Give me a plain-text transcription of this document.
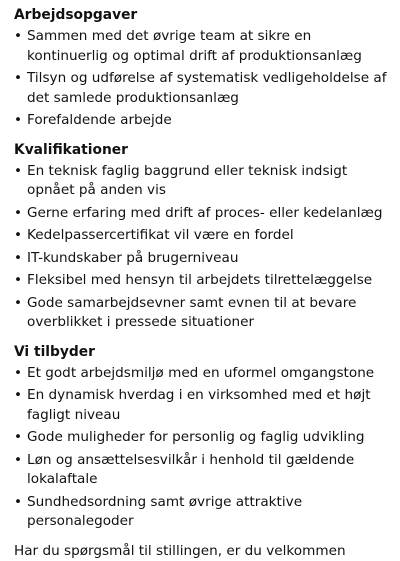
Arbejdsopgaver
• Sammen med det øvrige team at sikre en kontinuerlig og optimal drift af produktionsanlæg
• Tilsyn og udførelse af systematisk vedligeholdelse af det samlede produktionsanlæg
• Forefaldende arbejde
Kvalifikationer
• En teknisk faglig baggrund eller teknisk indsigt opnået på anden vis
• Gerne erfaring med drift af proces- eller kedelanlæg
• Kedelpassercertifikat vil være en fordel
• IT-kundskaber på brugerniveau
• Fleksibel med hensyn til arbejdets tilrettelæggelse
• Gode samarbejdsevner samt evnen til at bevare overblikket i pressede situationer
Vi tilbyder
• Et godt arbejdsmiljø med en uformel omgangstone
• En dynamisk hverdag i en virksomhed med et højt fagligt niveau
• Gode muligheder for personlig og faglig udvikling
• Løn og ansættelsesvilkår i henhold til gældende lokalaftale
• Sundhedsordning samt øvrige attraktive personalegoder

Har du spørgsmål til stillingen, er du velkommen
